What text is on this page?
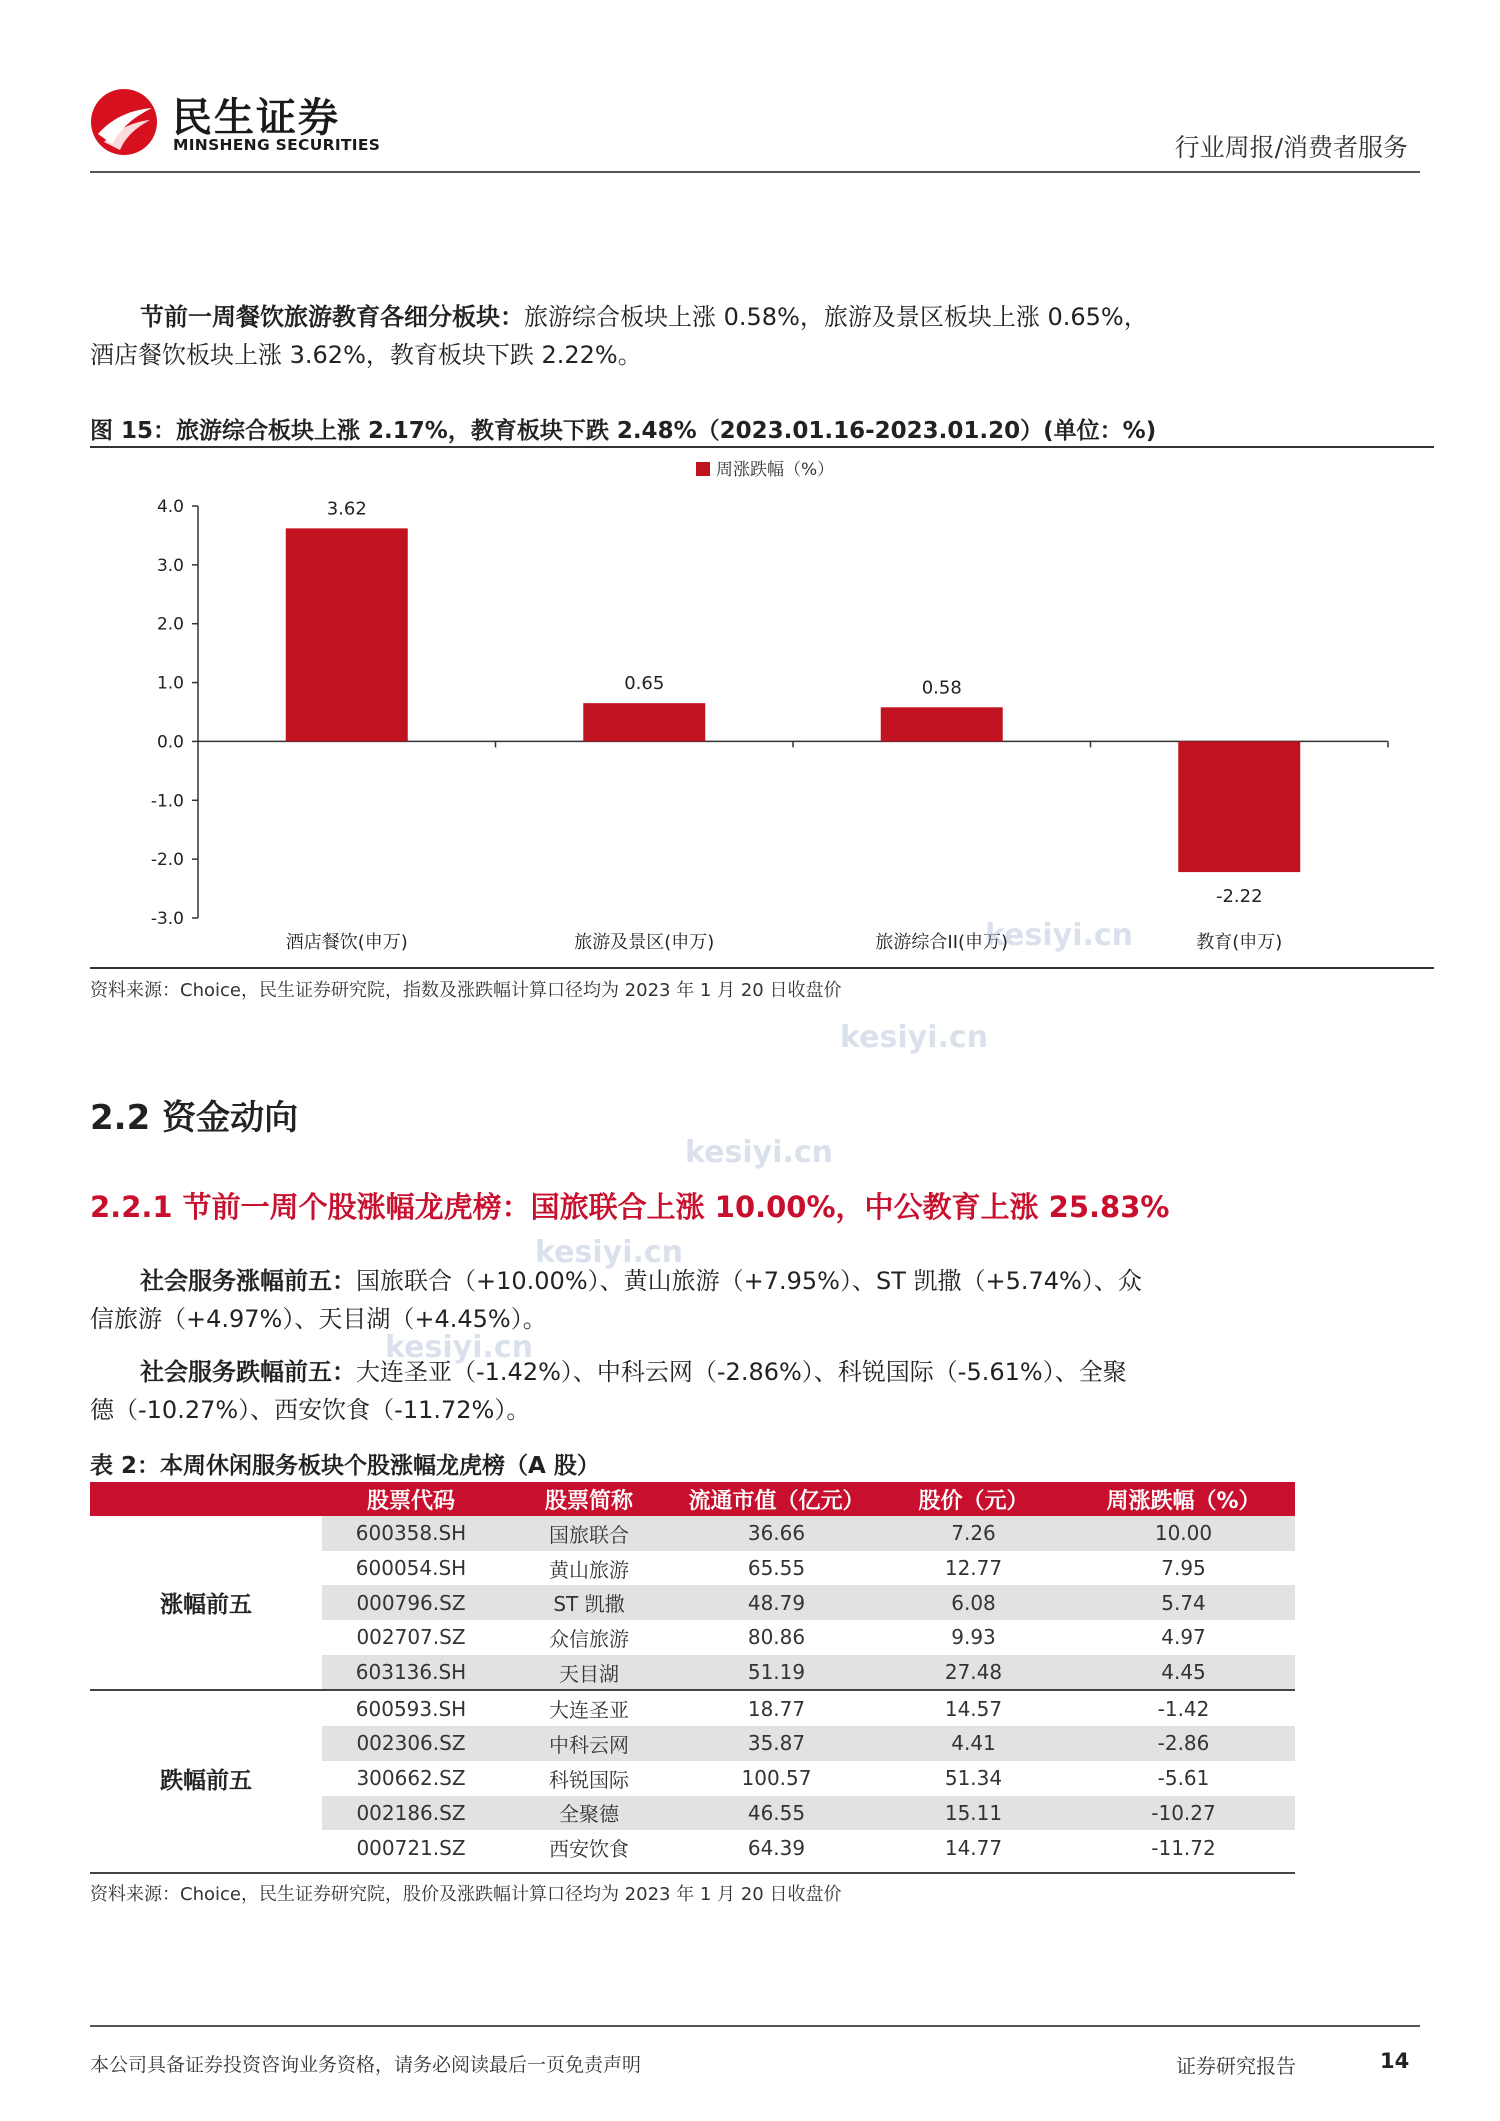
民生证券
MINSHENG SECURITIES	行业周报/消费者服务
节前一周餐饮旅游教育各细分板块：旅游综合板块上涨 0.58%，旅游及景区板块上涨 0.65%，酒店餐饮板块上涨 3.62%，教育板块下跌 2.22%。
图 15：旅游综合板块上涨 2.17%，教育板块下跌 2.48%（2023.01.16-2023.01.20）(单位：%)
周涨跌幅（%）
4.0
3.0
2.0
1.0
0.0
-1.0
-2.0
-3.0
3.62
酒店餐饮(申万)
0.65
旅游及景区(申万)
0.58
旅游综合II(申万)
-2.22
教育(申万)
资料来源：Choice，民生证券研究院，指数及涨跌幅计算口径均为 2023 年 1 月 20 日收盘价
kesiyi.cn
kesiyi.cn
kesiyi.cn
kesiyi.cn
kesiyi.cn
2.2 资金动向
2.2.1 节前一周个股涨幅龙虎榜：国旅联合上涨 10.00%，中公教育上涨 25.83%
社会服务涨幅前五：国旅联合（+10.00%）、黄山旅游（+7.95%）、ST 凯撒（+5.74%）、众信旅游（+4.97%）、天目湖（+4.45%）。
社会服务跌幅前五：大连圣亚（-1.42%）、中科云网（-2.86%）、科锐国际（-5.61%）、全聚德（-10.27%）、西安饮食（-11.72%）。
表 2：本周休闲服务板块个股涨幅龙虎榜（A 股）
	股票代码	股票简称	流通市值（亿元）	股价（元）	周涨跌幅（%）
涨幅前五	600358.SH	国旅联合	36.66	7.26	10.00
	600054.SH	黄山旅游	65.55	12.77	7.95
	000796.SZ	ST 凯撒	48.79	6.08	5.74
	002707.SZ	众信旅游	80.86	9.93	4.97
	603136.SH	天目湖	51.19	27.48	4.45
跌幅前五	600593.SH	大连圣亚	18.77	14.57	-1.42
	002306.SZ	中科云网	35.87	4.41	-2.86
	300662.SZ	科锐国际	100.57	51.34	-5.61
	002186.SZ	全聚德	46.55	15.11	-10.27
	000721.SZ	西安饮食	64.39	14.77	-11.72
资料来源：Choice，民生证券研究院，股价及涨跌幅计算口径均为 2023 年 1 月 20 日收盘价
本公司具备证券投资咨询业务资格，请务必阅读最后一页免责声明	证券研究报告	14
